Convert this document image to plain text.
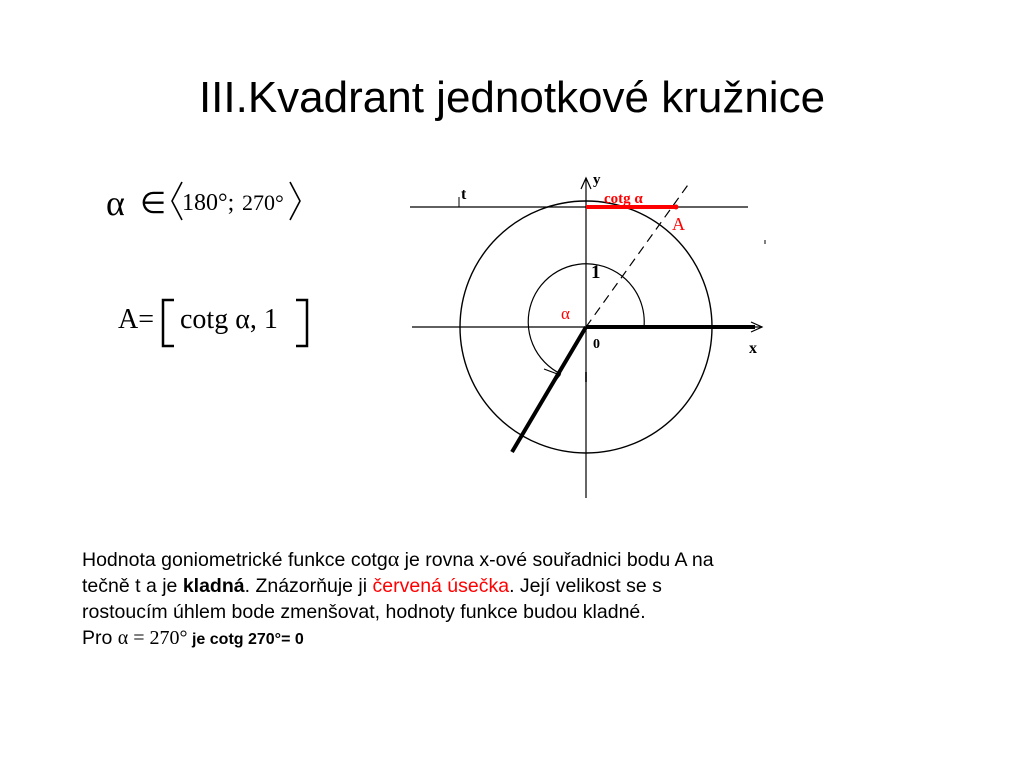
III.Kvadrant jednotkové kružnice
α ∈ 180°; 270°
A= cotg α, 1
y
x
t	cotg α
A
1
α
0

Hodnota goniometrické funkce cotgα je rovna x-ové souřadnici bodu A na

tečně t a je kladná. Znázorňuje ji červená úsečka. Její velikost se s

rostoucím úhlem bode zmenšovat, hodnoty funkce budou kladné.

Pro α = 270° je cotg 270°= 0
